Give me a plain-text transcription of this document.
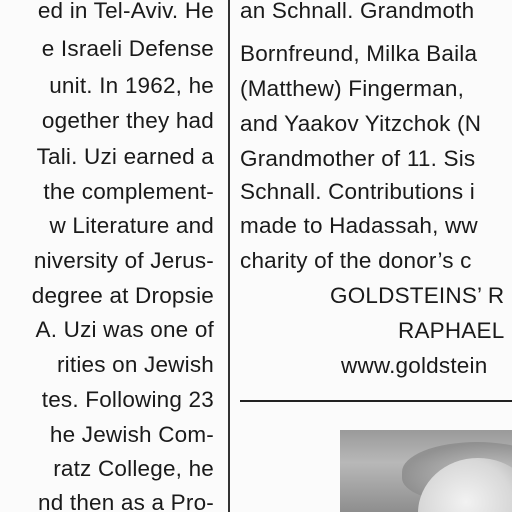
ed in Tel-Aviv. He
e Israeli Defense
unit. In 1962, he
ogether they had
Tali. Uzi earned a
the complement-
w Literature and
niversity of Jerus-
degree at Dropsie
A. Uzi was one of
rities on Jewish
tes. Following 23
he Jewish Com-
ratz College, he
nd then as a Pro-
an Schnall. Grandmoth
Bornfreund, Milka Baila
(Matthew) Fingerman,
and Yaakov Yitzchok (N
Grandmother of 11. Sis
Schnall. Contributions i
made to Hadassah, ww
charity of the donor’s c
GOLDSTEINS’ R
RAPHAEL
www.goldstein
